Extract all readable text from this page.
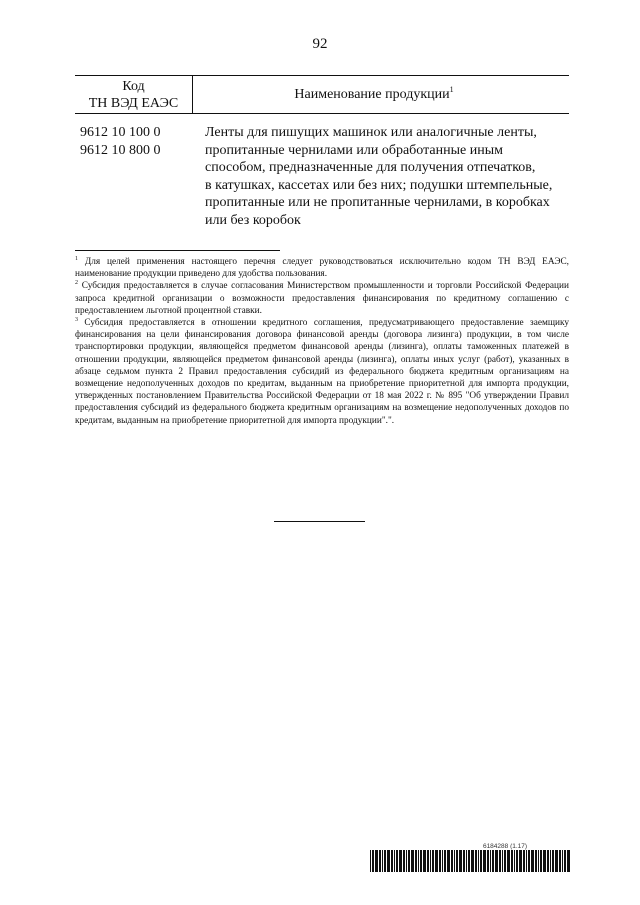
92
Код
ТН ВЭД ЕАЭС
Наименование продукции$^1$
9612 10 100 0
9612 10 800 0
Ленты для пишущих машинок или аналогичные ленты,
пропитанные чернилами или обработанные иным
способом, предназначенные для получения отпечатков,
в катушках, кассетах или без них; подушки штемпельные,
пропитанные или не пропитанные чернилами, в коробках
или без коробок

$^1$ Для целей применения настоящего перечня следует руководствоваться исключительно кодом ТН ВЭД ЕАЭС, наименование продукции приведено для удобства пользования.

$^2$ Субсидия предоставляется в случае согласования Министерством промышленности и торговли Российской Федерации запроса кредитной организации о возможности предоставления финансирования по кредитному соглашению с предоставлением льготной процентной ставки.

$^3$ Субсидия предоставляется в отношении кредитного соглашения, предусматривающего предоставление заемщику финансирования на цели финансирования договора финансовой аренды (договора лизинга) продукции, в том числе транспортировки продукции, являющейся предметом финансовой аренды (лизинга), оплаты таможенных платежей в отношении продукции, являющейся предметом финансовой аренды (лизинга), оплаты иных услуг (работ), указанных в абзаце седьмом пункта 2 Правил предоставления субсидий из федерального бюджета кредитным организациям на возмещение недополученных доходов по кредитам, выданным на приобретение приоритетной для импорта продукции, утвержденных постановлением Правительства Российской Федерации от 18 мая 2022 г. № 895 "Об утверждении Правил предоставления субсидий из федерального бюджета кредитным организациям на возмещение недополученных доходов по кредитам, выданным на приобретение приоритетной для импорта продукции".".

6184288 (1.17)
